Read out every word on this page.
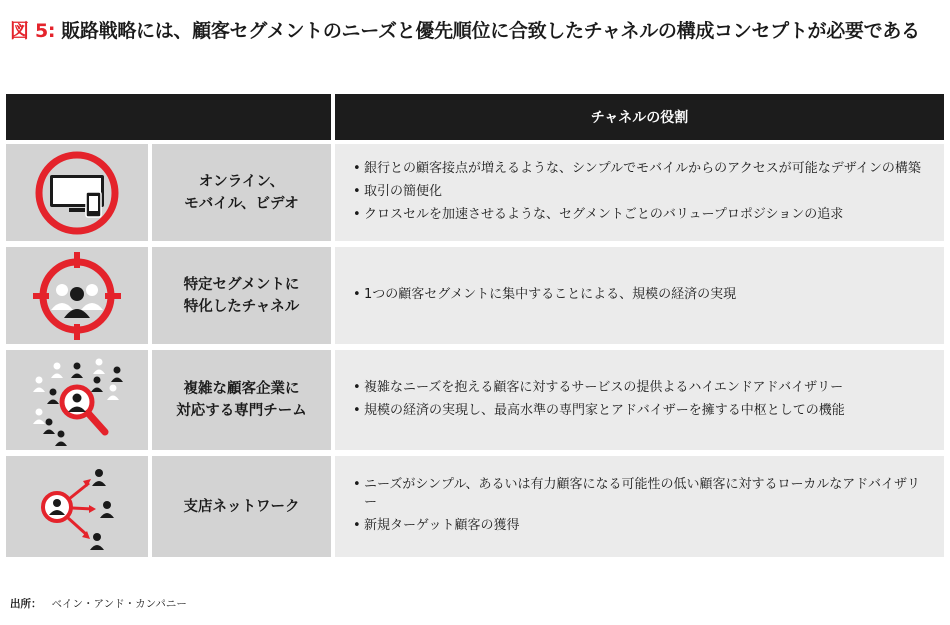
図 5: 販路戦略には、顧客セグメントのニーズと優先順位に合致したチャネルの構成コンセプトが必要である
チャネルの役割
オンライン、
モバイル、ビデオ
• 銀行との顧客接点が増えるような、シンプルでモバイルからのアクセスが可能なデザインの構築
• 取引の簡便化
• クロスセルを加速させるような、セグメントごとのバリュープロポジションの追求
特定セグメントに
特化したチャネル
• 1つの顧客セグメントに集中することによる、規模の経済の実現
複雑な顧客企業に
対応する専門チーム
• 複雑なニーズを抱える顧客に対するサービスの提供よるハイエンドアドバイザリー
• 規模の経済の実現し、最高水準の専門家とアドバイザーを擁する中枢としての機能
支店ネットワーク
• ニーズがシンプル、あるいは有力顧客になる可能性の低い顧客に対するローカルなアドバイザリー
• 新規ターゲット顧客の獲得
出所： ベイン・アンド・カンパニー
